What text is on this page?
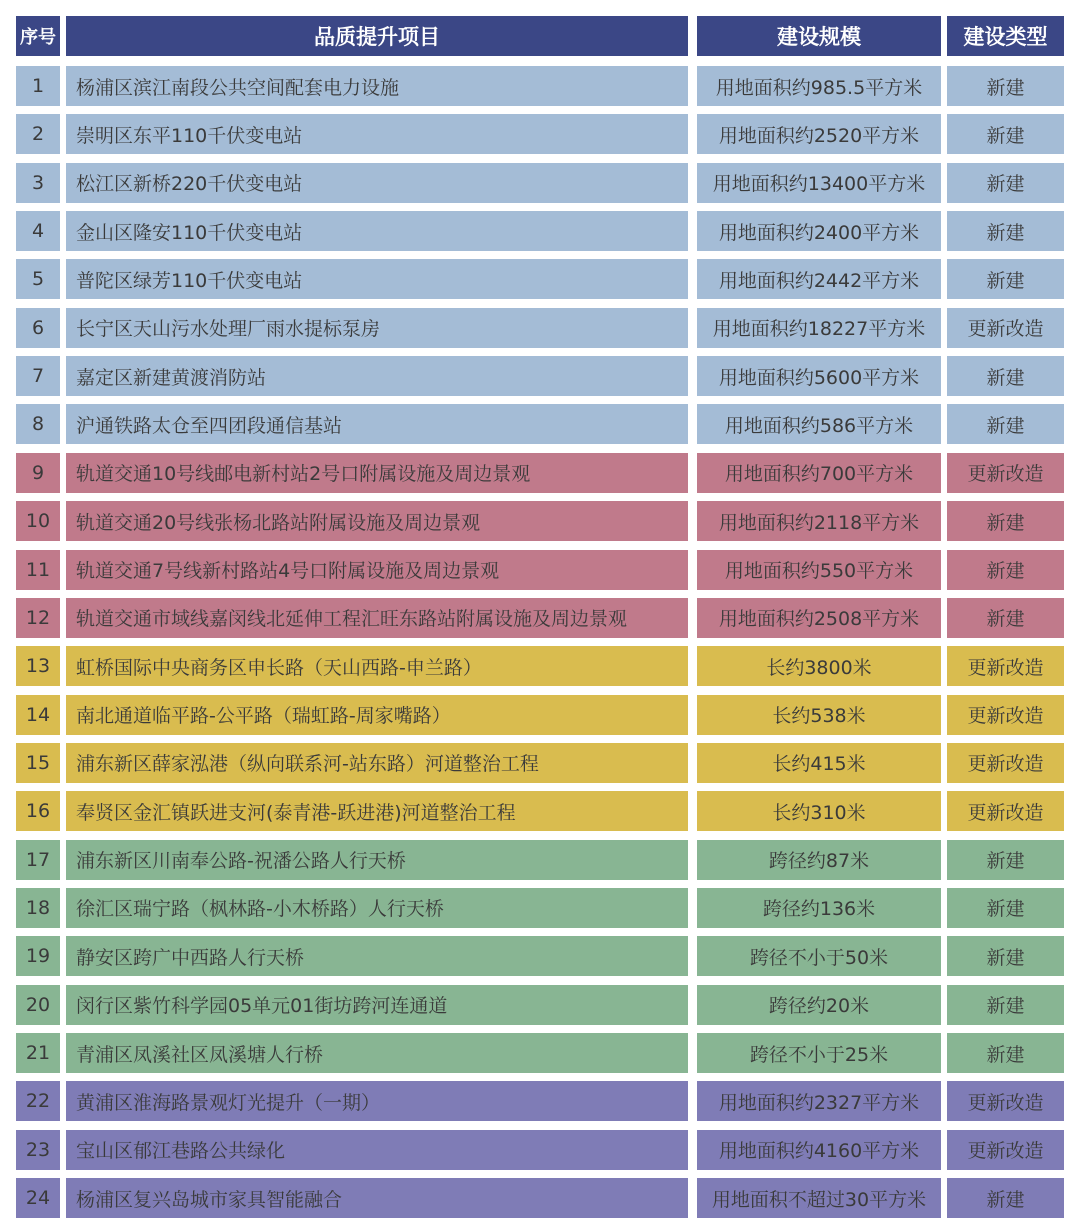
序号	品质提升项目	建设规模	建设类型
1	杨浦区滨江南段公共空间配套电力设施	用地面积约985.5平方米	新建
2	崇明区东平110千伏变电站	用地面积约2520平方米	新建
3	松江区新桥220千伏变电站	用地面积约13400平方米	新建
4	金山区隆安110千伏变电站	用地面积约2400平方米	新建
5	普陀区绿芳110千伏变电站	用地面积约2442平方米	新建
6	长宁区天山污水处理厂雨水提标泵房	用地面积约18227平方米	更新改造
7	嘉定区新建黄渡消防站	用地面积约5600平方米	新建
8	沪通铁路太仓至四团段通信基站	用地面积约586平方米	新建
9	轨道交通10号线邮电新村站2号口附属设施及周边景观	用地面积约700平方米	更新改造
10	轨道交通20号线张杨北路站附属设施及周边景观	用地面积约2118平方米	新建
11	轨道交通7号线新村路站4号口附属设施及周边景观	用地面积约550平方米	新建
12	轨道交通市域线嘉闵线北延伸工程汇旺东路站附属设施及周边景观	用地面积约2508平方米	新建
13	虹桥国际中央商务区申长路（天山西路-申兰路）	长约3800米	更新改造
14	南北通道临平路-公平路（瑞虹路-周家嘴路）	长约538米	更新改造
15	浦东新区薛家泓港（纵向联系河-站东路）河道整治工程	长约415米	更新改造
16	奉贤区金汇镇跃进支河(泰青港-跃进港)河道整治工程	长约310米	更新改造
17	浦东新区川南奉公路-祝潘公路人行天桥	跨径约87米	新建
18	徐汇区瑞宁路（枫林路-小木桥路）人行天桥	跨径约136米	新建
19	静安区跨广中西路人行天桥	跨径不小于50米	新建
20	闵行区紫竹科学园05单元01街坊跨河连通道	跨径约20米	新建
21	青浦区凤溪社区凤溪塘人行桥	跨径不小于25米	新建
22	黄浦区淮海路景观灯光提升（一期）	用地面积约2327平方米	更新改造
23	宝山区郁江巷路公共绿化	用地面积约4160平方米	更新改造
24	杨浦区复兴岛城市家具智能融合	用地面积不超过30平方米	新建
